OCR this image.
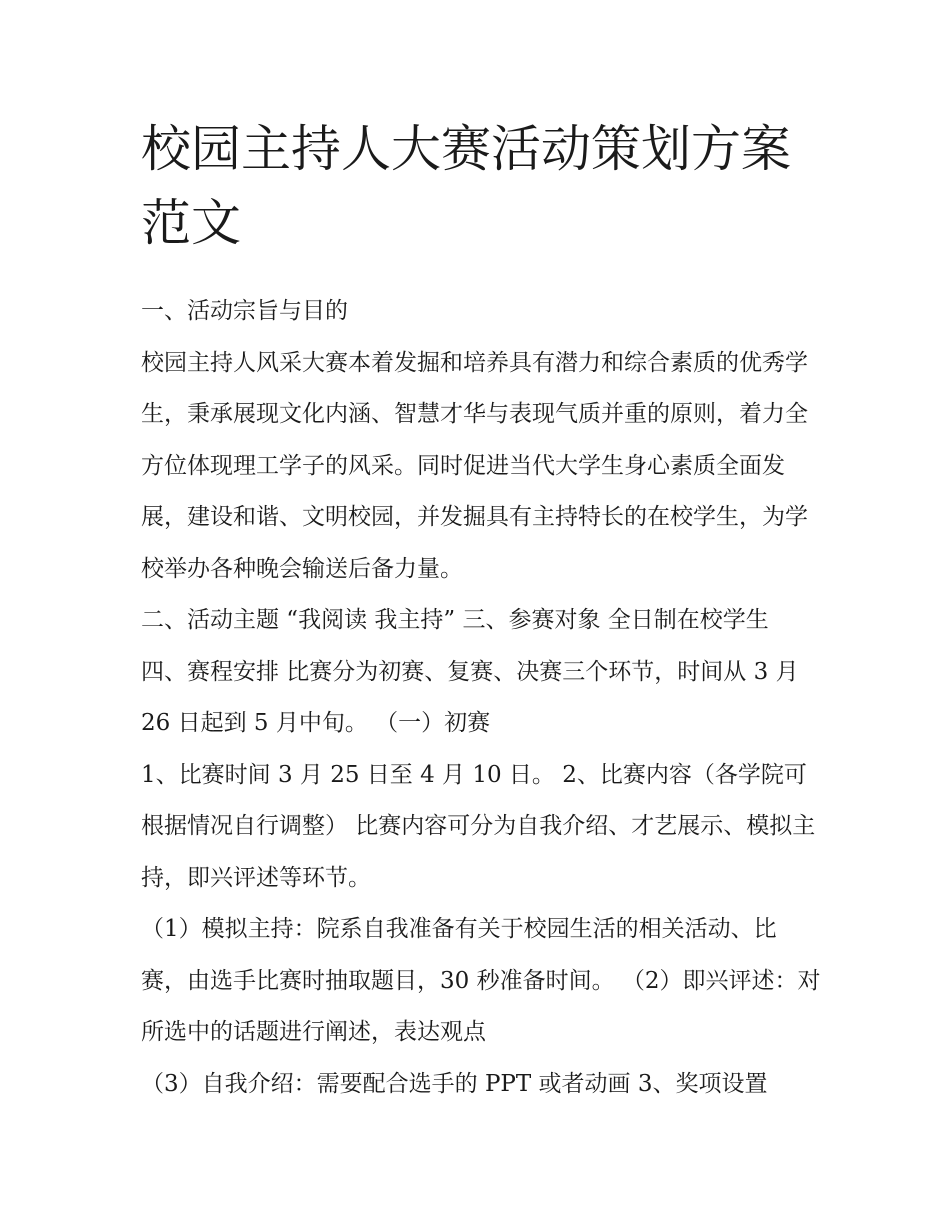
校园主持人大赛活动策划方案范文

一、活动宗旨与目的

校园主持人风采大赛本着发掘和培养具有潜力和综合素质的优秀学生，秉承展现文化内涵、智慧才华与表现气质并重的原则，着力全方位体现理工学子的风采。同时促进当代大学生身心素质全面发展，建设和谐、文明校园，并发掘具有主持特长的在校学生，为学校举办各种晚会输送后备力量。

二、活动主题 “我阅读 我主持” 三、参赛对象 全日制在校学生 四、赛程安排 比赛分为初赛、复赛、决赛三个环节，时间从 3 月 26 日起到 5 月中旬。 （一）初赛

1、比赛时间 3 月 25 日至 4 月 10 日。 2、比赛内容（各学院可根据情况自行调整） 比赛内容可分为自我介绍、才艺展示、模拟主持，即兴评述等环节。

（1）模拟主持：院系自我准备有关于校园生活的相关活动、比赛，由选手比赛时抽取题目，30 秒准备时间。 （2）即兴评述：对所选中的话题进行阐述，表达观点

（3）自我介绍：需要配合选手的 PPT 或者动画 3、奖项设置
